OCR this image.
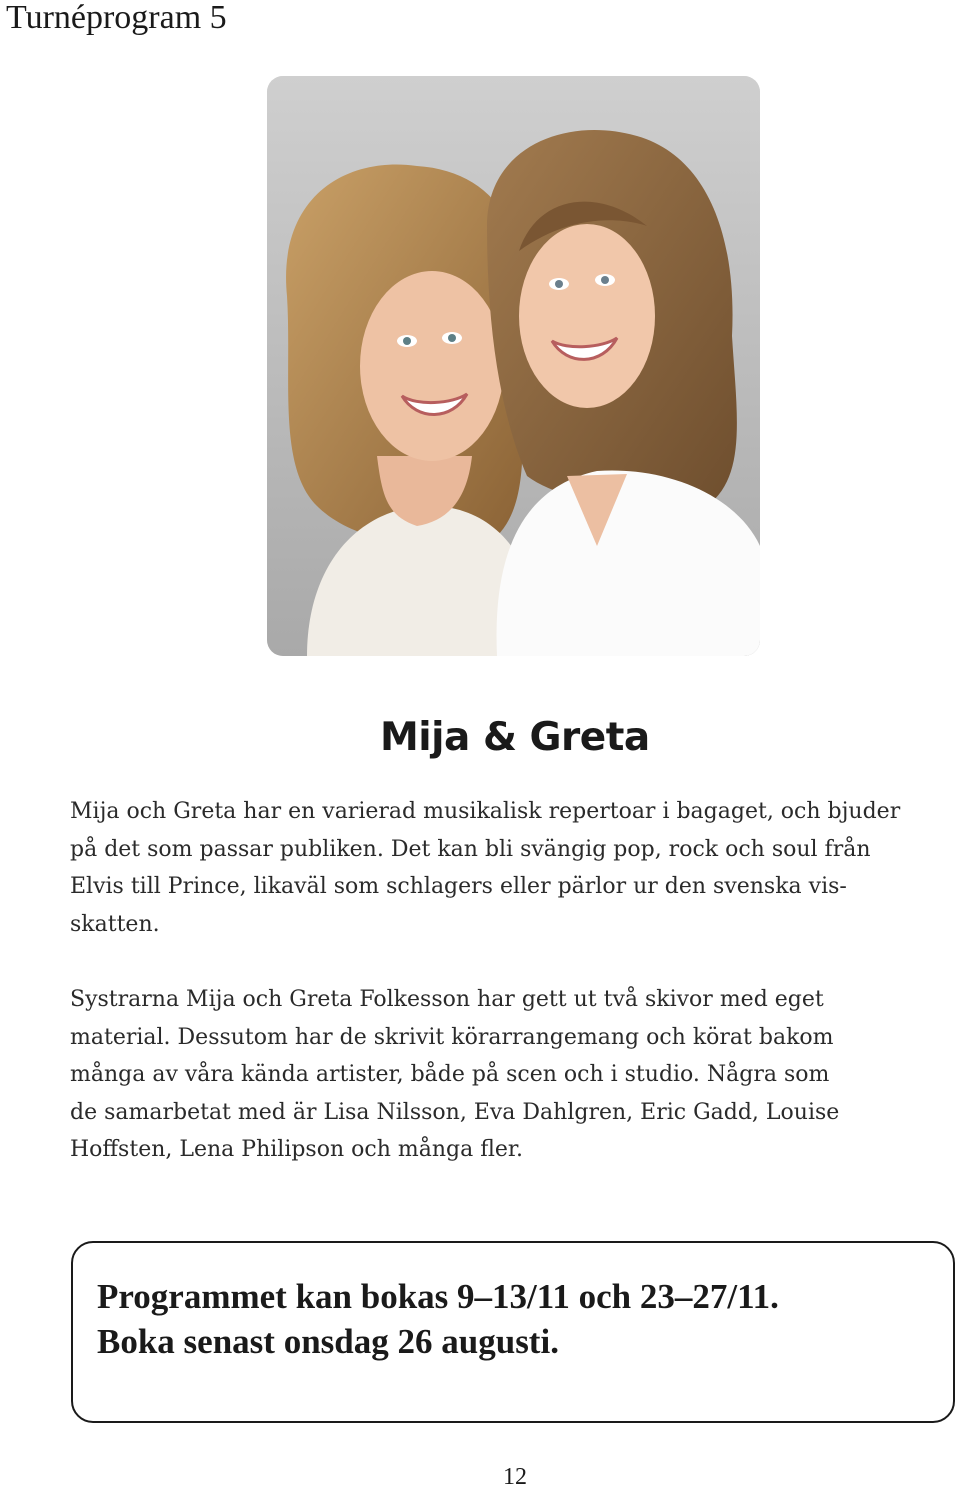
Turnéprogram 5
Mija & Greta
Mija och Greta har en varierad musikalisk repertoar i bagaget, och bjuder
på det som passar publiken. Det kan bli svängig pop, rock och soul från
Elvis till Prince, likaväl som schlagers eller pärlor ur den svenska vis-
skatten.
Systrarna Mija och Greta Folkesson har gett ut två skivor med eget
material. Dessutom har de skrivit körarrangemang och körat bakom
många av våra kända artister, både på scen och i studio. Några som
de samarbetat med är Lisa Nilsson, Eva Dahlgren, Eric Gadd, Louise
Hoffsten, Lena Philipson och många fler.

Programmet kan bokas 9–13/11 och 23–27/11.
Boka senast onsdag 26 augusti.

12
